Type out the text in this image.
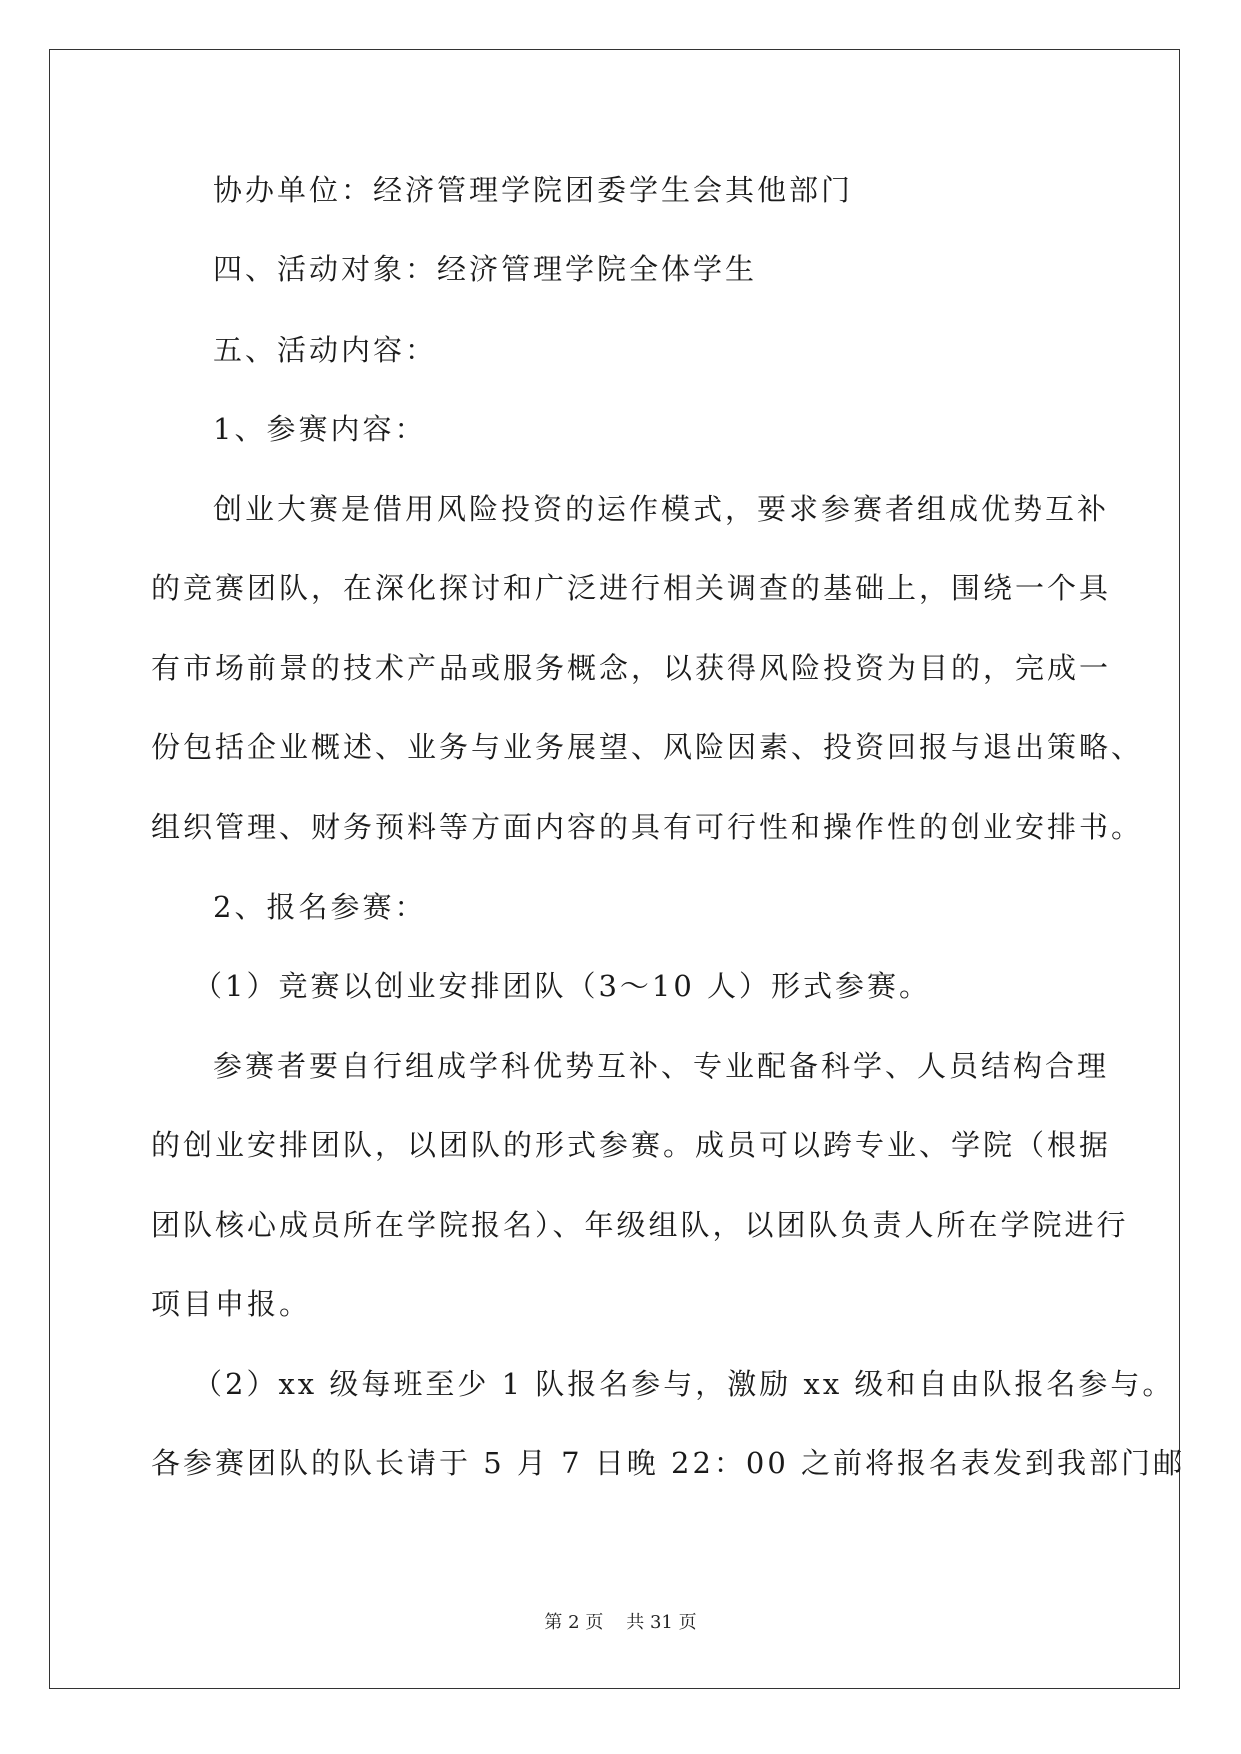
协办单位：经济管理学院团委学生会其他部门
四、活动对象：经济管理学院全体学生
五、活动内容：
1、参赛内容：
创业大赛是借用风险投资的运作模式，要求参赛者组成优势互补
的竞赛团队，在深化探讨和广泛进行相关调查的基础上，围绕一个具
有市场前景的技术产品或服务概念，以获得风险投资为目的，完成一
份包括企业概述、业务与业务展望、风险因素、投资回报与退出策略、
组织管理、财务预料等方面内容的具有可行性和操作性的创业安排书。
2、报名参赛：
（1）竞赛以创业安排团队（3～10 人）形式参赛。
参赛者要自行组成学科优势互补、专业配备科学、人员结构合理
的创业安排团队，以团队的形式参赛。成员可以跨专业、学院（根据
团队核心成员所在学院报名）、年级组队，以团队负责人所在学院进行
项目申报。
（2）xx 级每班至少 1 队报名参与，激励 xx 级和自由队报名参与。
各参赛团队的队长请于 5 月 7 日晚 22：00 之前将报名表发到我部门邮
第 2 页 共 31 页
